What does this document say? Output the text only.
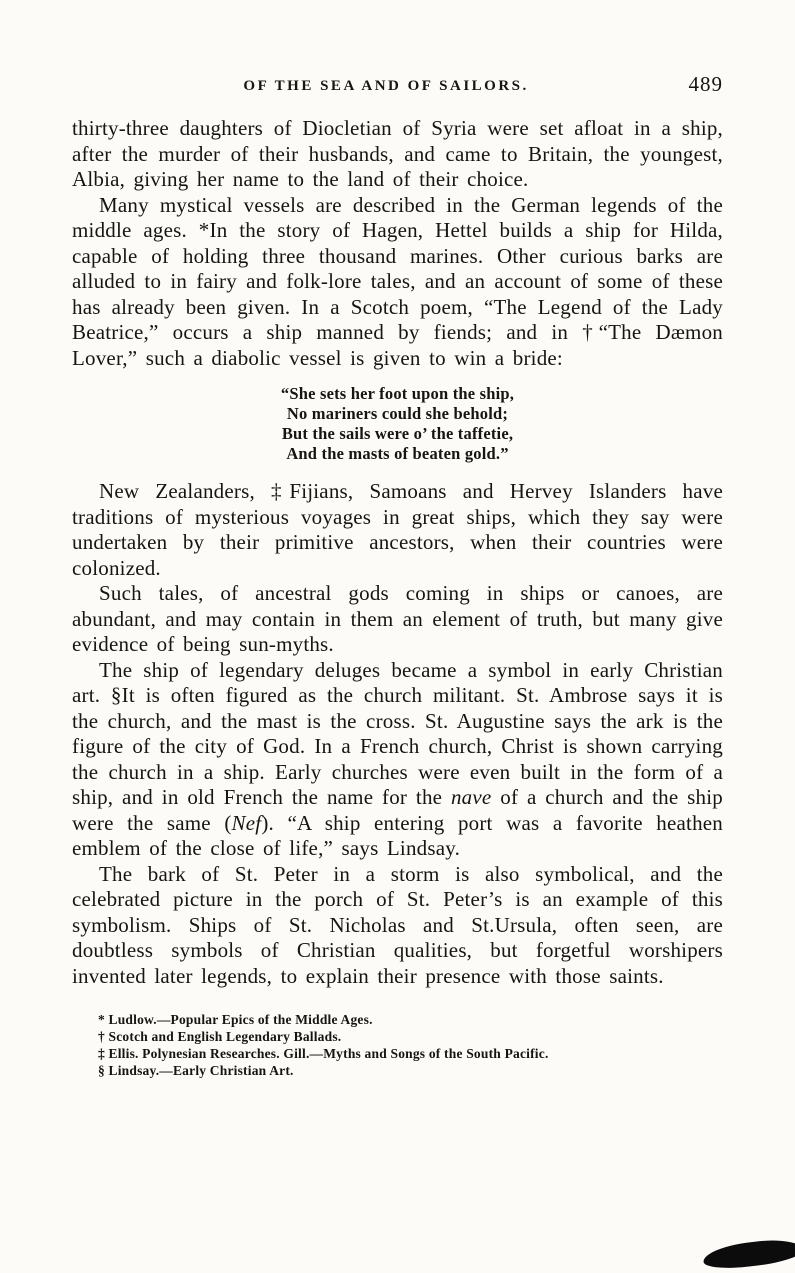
OF THE SEA AND OF SAILORS.	489

thirty-three daughters of Diocletian of Syria were set afloat in a ship, after the murder of their husbands, and came to Britain, the youngest, Albia, giving her name to the land of their choice.

Many mystical vessels are described in the German legends of the middle ages. *In the story of Hagen, Hettel builds a ship for Hilda, capable of holding three thousand marines. Other curious barks are alluded to in fairy and folk-lore tales, and an account of some of these has already been given. In a Scotch poem, “The Legend of the Lady Beatrice,” occurs a ship manned by fiends; and in †“The Dæmon Lover,” such a diabolic vessel is given to win a bride:

“She sets her foot upon the ship,
No mariners could she behold;
But the sails were o’ the taffetie,
And the masts of beaten gold.”

New Zealanders, ‡Fijians, Samoans and Hervey Islanders have traditions of mysterious voyages in great ships, which they say were undertaken by their primitive ancestors, when their countries were colonized.

Such tales, of ancestral gods coming in ships or canoes, are abundant, and may contain in them an element of truth, but many give evidence of being sun-myths.

The ship of legendary deluges became a symbol in early Christian art. §It is often figured as the church militant. St. Ambrose says it is the church, and the mast is the cross. St. Augustine says the ark is the figure of the city of God. In a French church, Christ is shown carrying the church in a ship. Early churches were even built in the form of a ship, and in old French the name for the nave of a church and the ship were the same (Nef). “A ship entering port was a favorite heathen emblem of the close of life,” says Lindsay.

The bark of St. Peter in a storm is also symbolical, and the celebrated picture in the porch of St. Peter’s is an example of this symbolism. Ships of St. Nicholas and St.Ursula, often seen, are doubtless symbols of Christian qualities, but forgetful worshipers invented later legends, to explain their presence with those saints.

* Ludlow.—Popular Epics of the Middle Ages.
† Scotch and English Legendary Ballads.
‡ Ellis. Polynesian Researches. Gill.—Myths and Songs of the South Pacific.
§ Lindsay.—Early Christian Art.
